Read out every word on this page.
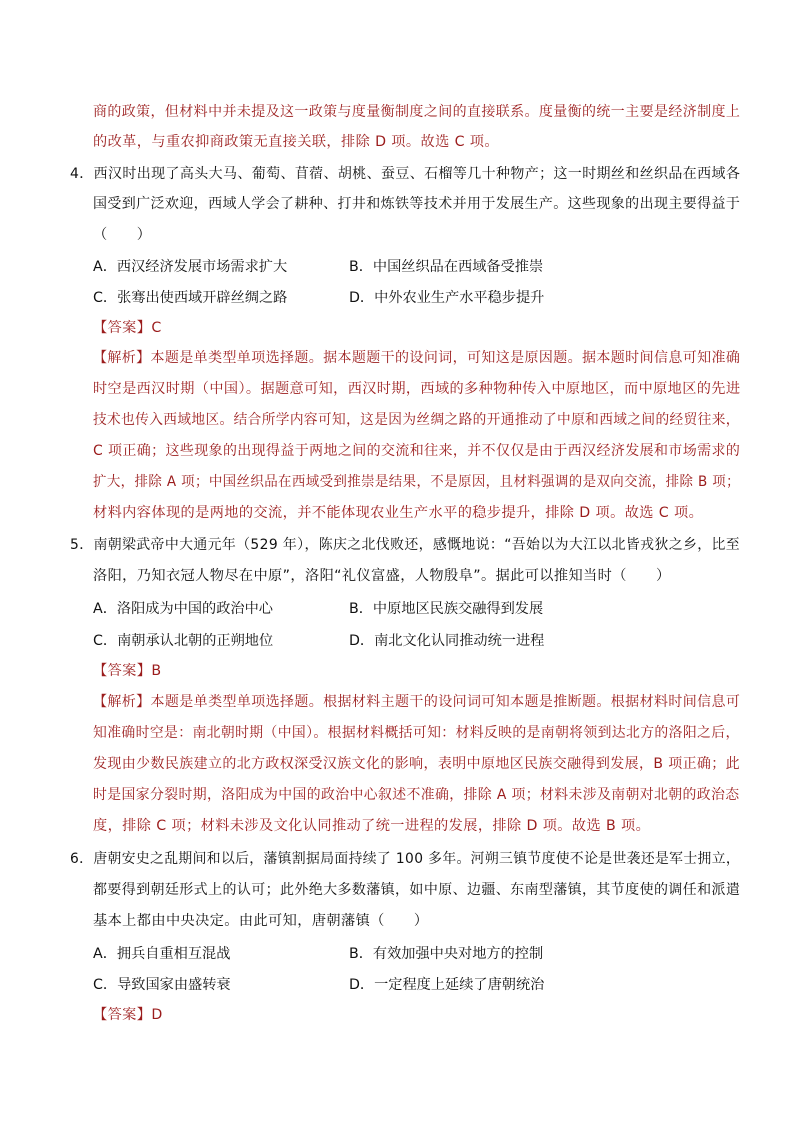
商的政策，但材料中并未提及这一政策与度量衡制度之间的直接联系。度量衡的统一主要是经济制度上
的改革，与重农抑商政策无直接关联，排除 D 项。故选 C 项。
4．西汉时出现了高头大马、葡萄、苜蓿、胡桃、蚕豆、石榴等几十种物产；这一时期丝和丝织品在西域各
国受到广泛欢迎，西域人学会了耕种、打井和炼铁等技术并用于发展生产。这些现象的出现主要得益于
（　　）
A．西汉经济发展市场需求扩大	B．中国丝织品在西域备受推崇
C．张骞出使西域开辟丝绸之路	D．中外农业生产水平稳步提升
【答案】C
【解析】本题是单类型单项选择题。据本题题干的设问词，可知这是原因题。据本题时间信息可知准确
时空是西汉时期（中国）。据题意可知，西汉时期，西域的多种物种传入中原地区，而中原地区的先进
技术也传入西域地区。结合所学内容可知，这是因为丝绸之路的开通推动了中原和西域之间的经贸往来，
C 项正确；这些现象的出现得益于两地之间的交流和往来，并不仅仅是由于西汉经济发展和市场需求的
扩大，排除 A 项；中国丝织品在西域受到推崇是结果，不是原因，且材料强调的是双向交流，排除 B 项；
材料内容体现的是两地的交流，并不能体现农业生产水平的稳步提升，排除 D 项。故选 C 项。
5．南朝梁武帝中大通元年（529 年），陈庆之北伐败还，感慨地说：“吾始以为大江以北皆戎狄之乡，比至
洛阳，乃知衣冠人物尽在中原”，洛阳“礼仪富盛，人物殷阜”。据此可以推知当时（　　）
A．洛阳成为中国的政治中心	B．中原地区民族交融得到发展
C．南朝承认北朝的正朔地位	D．南北文化认同推动统一进程
【答案】B
【解析】本题是单类型单项选择题。根据材料主题干的设问词可知本题是推断题。根据材料时间信息可
知准确时空是：南北朝时期（中国）。根据材料概括可知：材料反映的是南朝将领到达北方的洛阳之后，
发现由少数民族建立的北方政权深受汉族文化的影响，表明中原地区民族交融得到发展，B 项正确；此
时是国家分裂时期，洛阳成为中国的政治中心叙述不准确，排除 A 项；材料未涉及南朝对北朝的政治态
度，排除 C 项；材料未涉及文化认同推动了统一进程的发展，排除 D 项。故选 B 项。
6．唐朝安史之乱期间和以后，藩镇割据局面持续了 100 多年。河朔三镇节度使不论是世袭还是军士拥立，
都要得到朝廷形式上的认可；此外绝大多数藩镇，如中原、边疆、东南型藩镇，其节度使的调任和派遣
基本上都由中央决定。由此可知，唐朝藩镇（　　）
A．拥兵自重相互混战	B．有效加强中央对地方的控制
C．导致国家由盛转衰	D．一定程度上延续了唐朝统治
【答案】D
